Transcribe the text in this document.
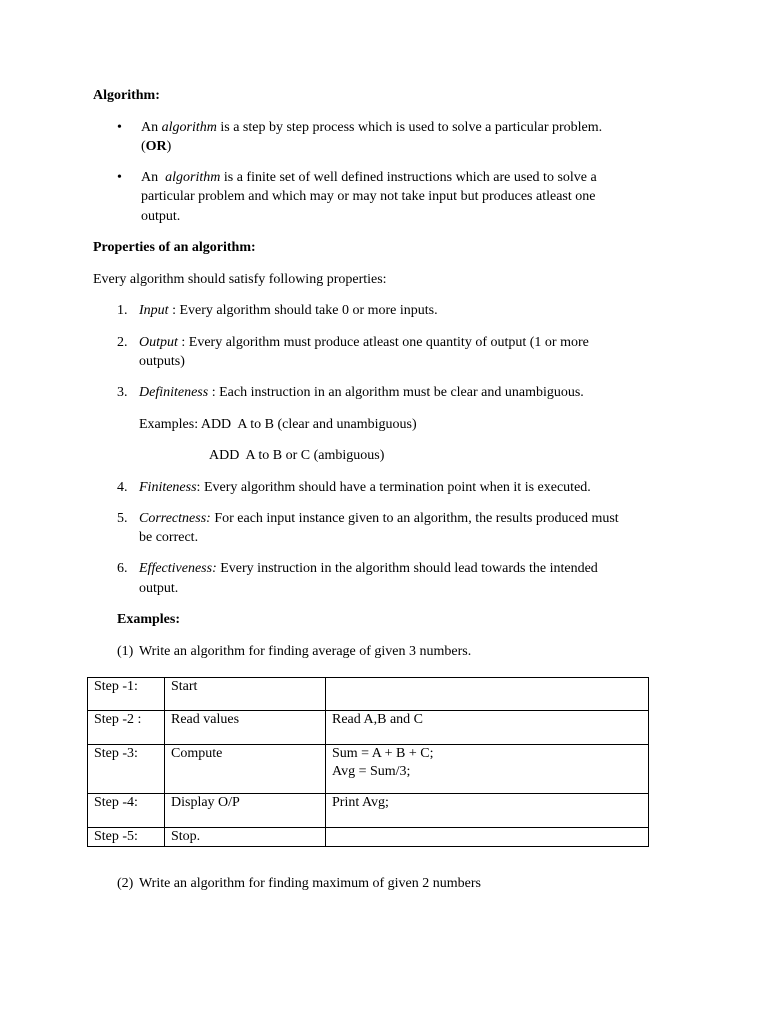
Algorithm:
• An algorithm is a step by step process which is used to solve a particular problem.
(OR)
• An  algorithm is a finite set of well defined instructions which are used to solve a
particular problem and which may or may not take input but produces atleast one
output.
Properties of an algorithm:
Every algorithm should satisfy following properties:
1. Input : Every algorithm should take 0 or more inputs.
2. Output : Every algorithm must produce atleast one quantity of output (1 or more
outputs)
3. Definiteness : Each instruction in an algorithm must be clear and unambiguous.
Examples: ADD  A to B (clear and unambiguous)
ADD  A to B or C (ambiguous)
4. Finiteness: Every algorithm should have a termination point when it is executed.
5. Correctness: For each input instance given to an algorithm, the results produced must
be correct.
6. Effectiveness: Every instruction in the algorithm should lead towards the intended
output.
Examples:
(1) Write an algorithm for finding average of given 3 numbers.
Step -1:	Start	
Step -2 :	Read values	Read A,B and C
Step -3:	Compute	Sum = A + B + C;
Avg = Sum/3;
Step -4:	Display O/P	Print Avg;
Step -5:	Stop.	
(2) Write an algorithm for finding maximum of given 2 numbers
